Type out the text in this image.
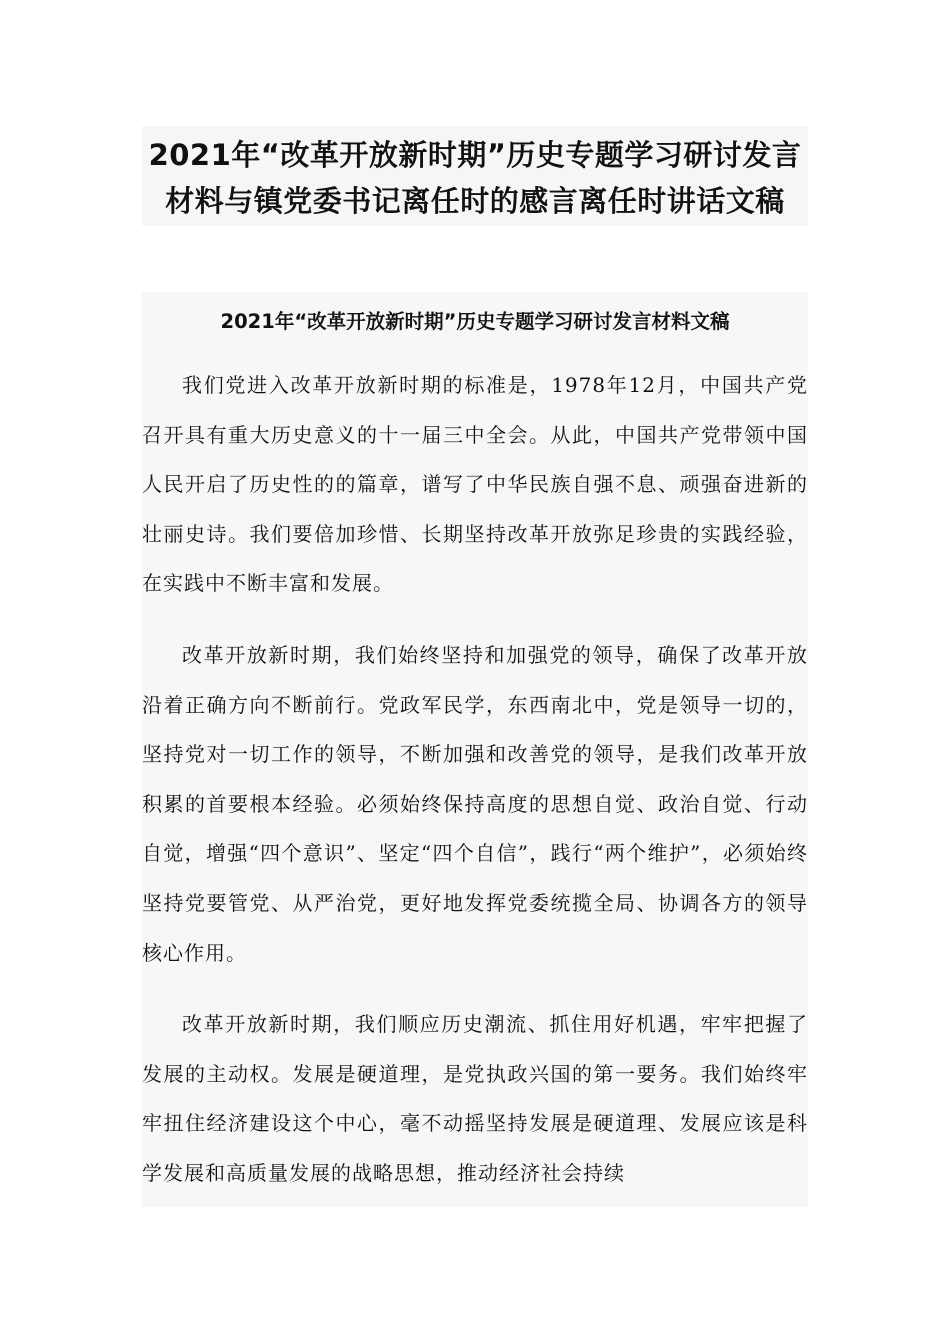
2021年“改革开放新时期”历史专题学习研讨发言
材料与镇党委书记离任时的感言离任时讲话文稿
2021年“改革开放新时期”历史专题学习研讨发言材料文稿

我们党进入改革开放新时期的标准是，1978年12月，中国共产党召开具有重大历史意义的十一届三中全会。从此，中国共产党带领中国人民开启了历史性的的篇章，谱写了中华民族自强不息、顽强奋进新的壮丽史诗。我们要倍加珍惜、长期坚持改革开放弥足珍贵的实践经验，在实践中不断丰富和发展。

改革开放新时期，我们始终坚持和加强党的领导，确保了改革开放沿着正确方向不断前行。党政军民学，东西南北中，党是领导一切的，坚持党对一切工作的领导，不断加强和改善党的领导，是我们改革开放积累的首要根本经验。必须始终保持高度的思想自觉、政治自觉、行动自觉，增强“四个意识”、坚定“四个自信”，践行“两个维护”，必须始终坚持党要管党、从严治党，更好地发挥党委统揽全局、协调各方的领导核心作用。

改革开放新时期，我们顺应历史潮流、抓住用好机遇，牢牢把握了发展的主动权。发展是硬道理，是党执政兴国的第一要务。我们始终牢牢扭住经济建设这个中心，毫不动摇坚持发展是硬道理、发展应该是科学发展和高质量发展的战略思想，推动经济社会持续
